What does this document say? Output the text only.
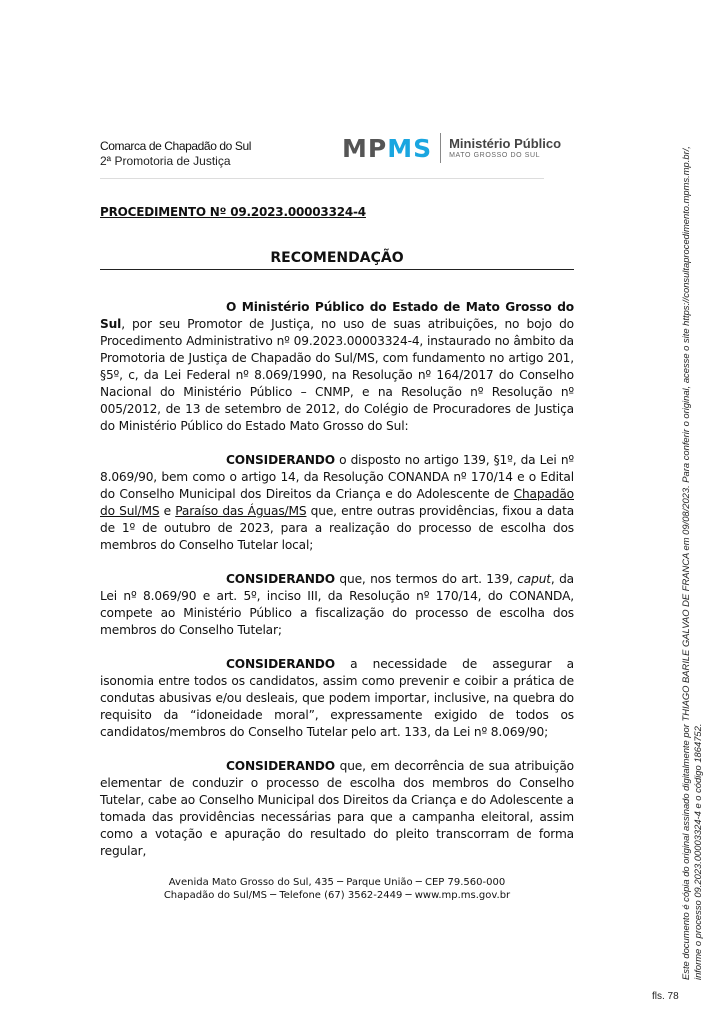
Comarca de Chapadão do Sul
2ª Promotoria de Justiça	MPMS Ministério Público
MATO GROSSO DO SUL
PROCEDIMENTO Nº 09.2023.00003324-4
RECOMENDAÇÃO

O Ministério Público do Estado de Mato Grosso do Sul, por seu Promotor de Justiça, no uso de suas atribuições, no bojo do Procedimento Administrativo nº 09.2023.00003324-4, instaurado no âmbito da Promotoria de Justiça de Chapadão do Sul/MS, com fundamento no artigo 201, §5º, c, da Lei Federal nº 8.069/1990, na Resolução nº 164/2017 do Conselho Nacional do Ministério Público – CNMP, e na Resolução nº Resolução nº 005/2012, de 13 de setembro de 2012, do Colégio de Procuradores de Justiça do Ministério Público do Estado Mato Grosso do Sul:

CONSIDERANDO o disposto no artigo 139, §1º, da Lei nº 8.069/90, bem como o artigo 14, da Resolução CONANDA nº 170/14 e o Edital do Conselho Municipal dos Direitos da Criança e do Adolescente de Chapadão do Sul/MS e Paraíso das Águas/MS que, entre outras providências, fixou a data de 1º de outubro de 2023, para a realização do processo de escolha dos membros do Conselho Tutelar local;

CONSIDERANDO que, nos termos do art. 139, caput, da Lei nº 8.069/90 e art. 5º, inciso III, da Resolução nº 170/14, do CONANDA, compete ao Ministério Público a fiscalização do processo de escolha dos membros do Conselho Tutelar;

CONSIDERANDO a necessidade de assegurar a isonomia entre todos os candidatos, assim como prevenir e coibir a prática de condutas abusivas e/ou desleais, que podem importar, inclusive, na quebra do requisito da “idoneidade moral”, expressamente exigido de todos os candidatos/membros do Conselho Tutelar pelo art. 133, da Lei nº 8.069/90;

CONSIDERANDO que, em decorrência de sua atribuição elementar de conduzir o processo de escolha dos membros do Conselho Tutelar, cabe ao Conselho Municipal dos Direitos da Criança e do Adolescente a tomada das providências necessárias para que a campanha eleitoral, assim como a votação e apuração do resultado do pleito transcorram de forma regular,

Avenida Mato Grosso do Sul, 435 ─ Parque União ─ CEP 79.560-000
Chapadão do Sul/MS ─ Telefone (67) 3562-2449 ─ www.mp.ms.gov.br	Este documento é cópia do original assinado digitalmente por THIAGO BARILE GALVAO DE FRANCA em 09/08/2023. Para conferir o original, acesse o site https://consultaprocedimento.mpms.mp.br/, informe o processo 09.2023.00003324-4 e o código 1864752.
fls. 78
